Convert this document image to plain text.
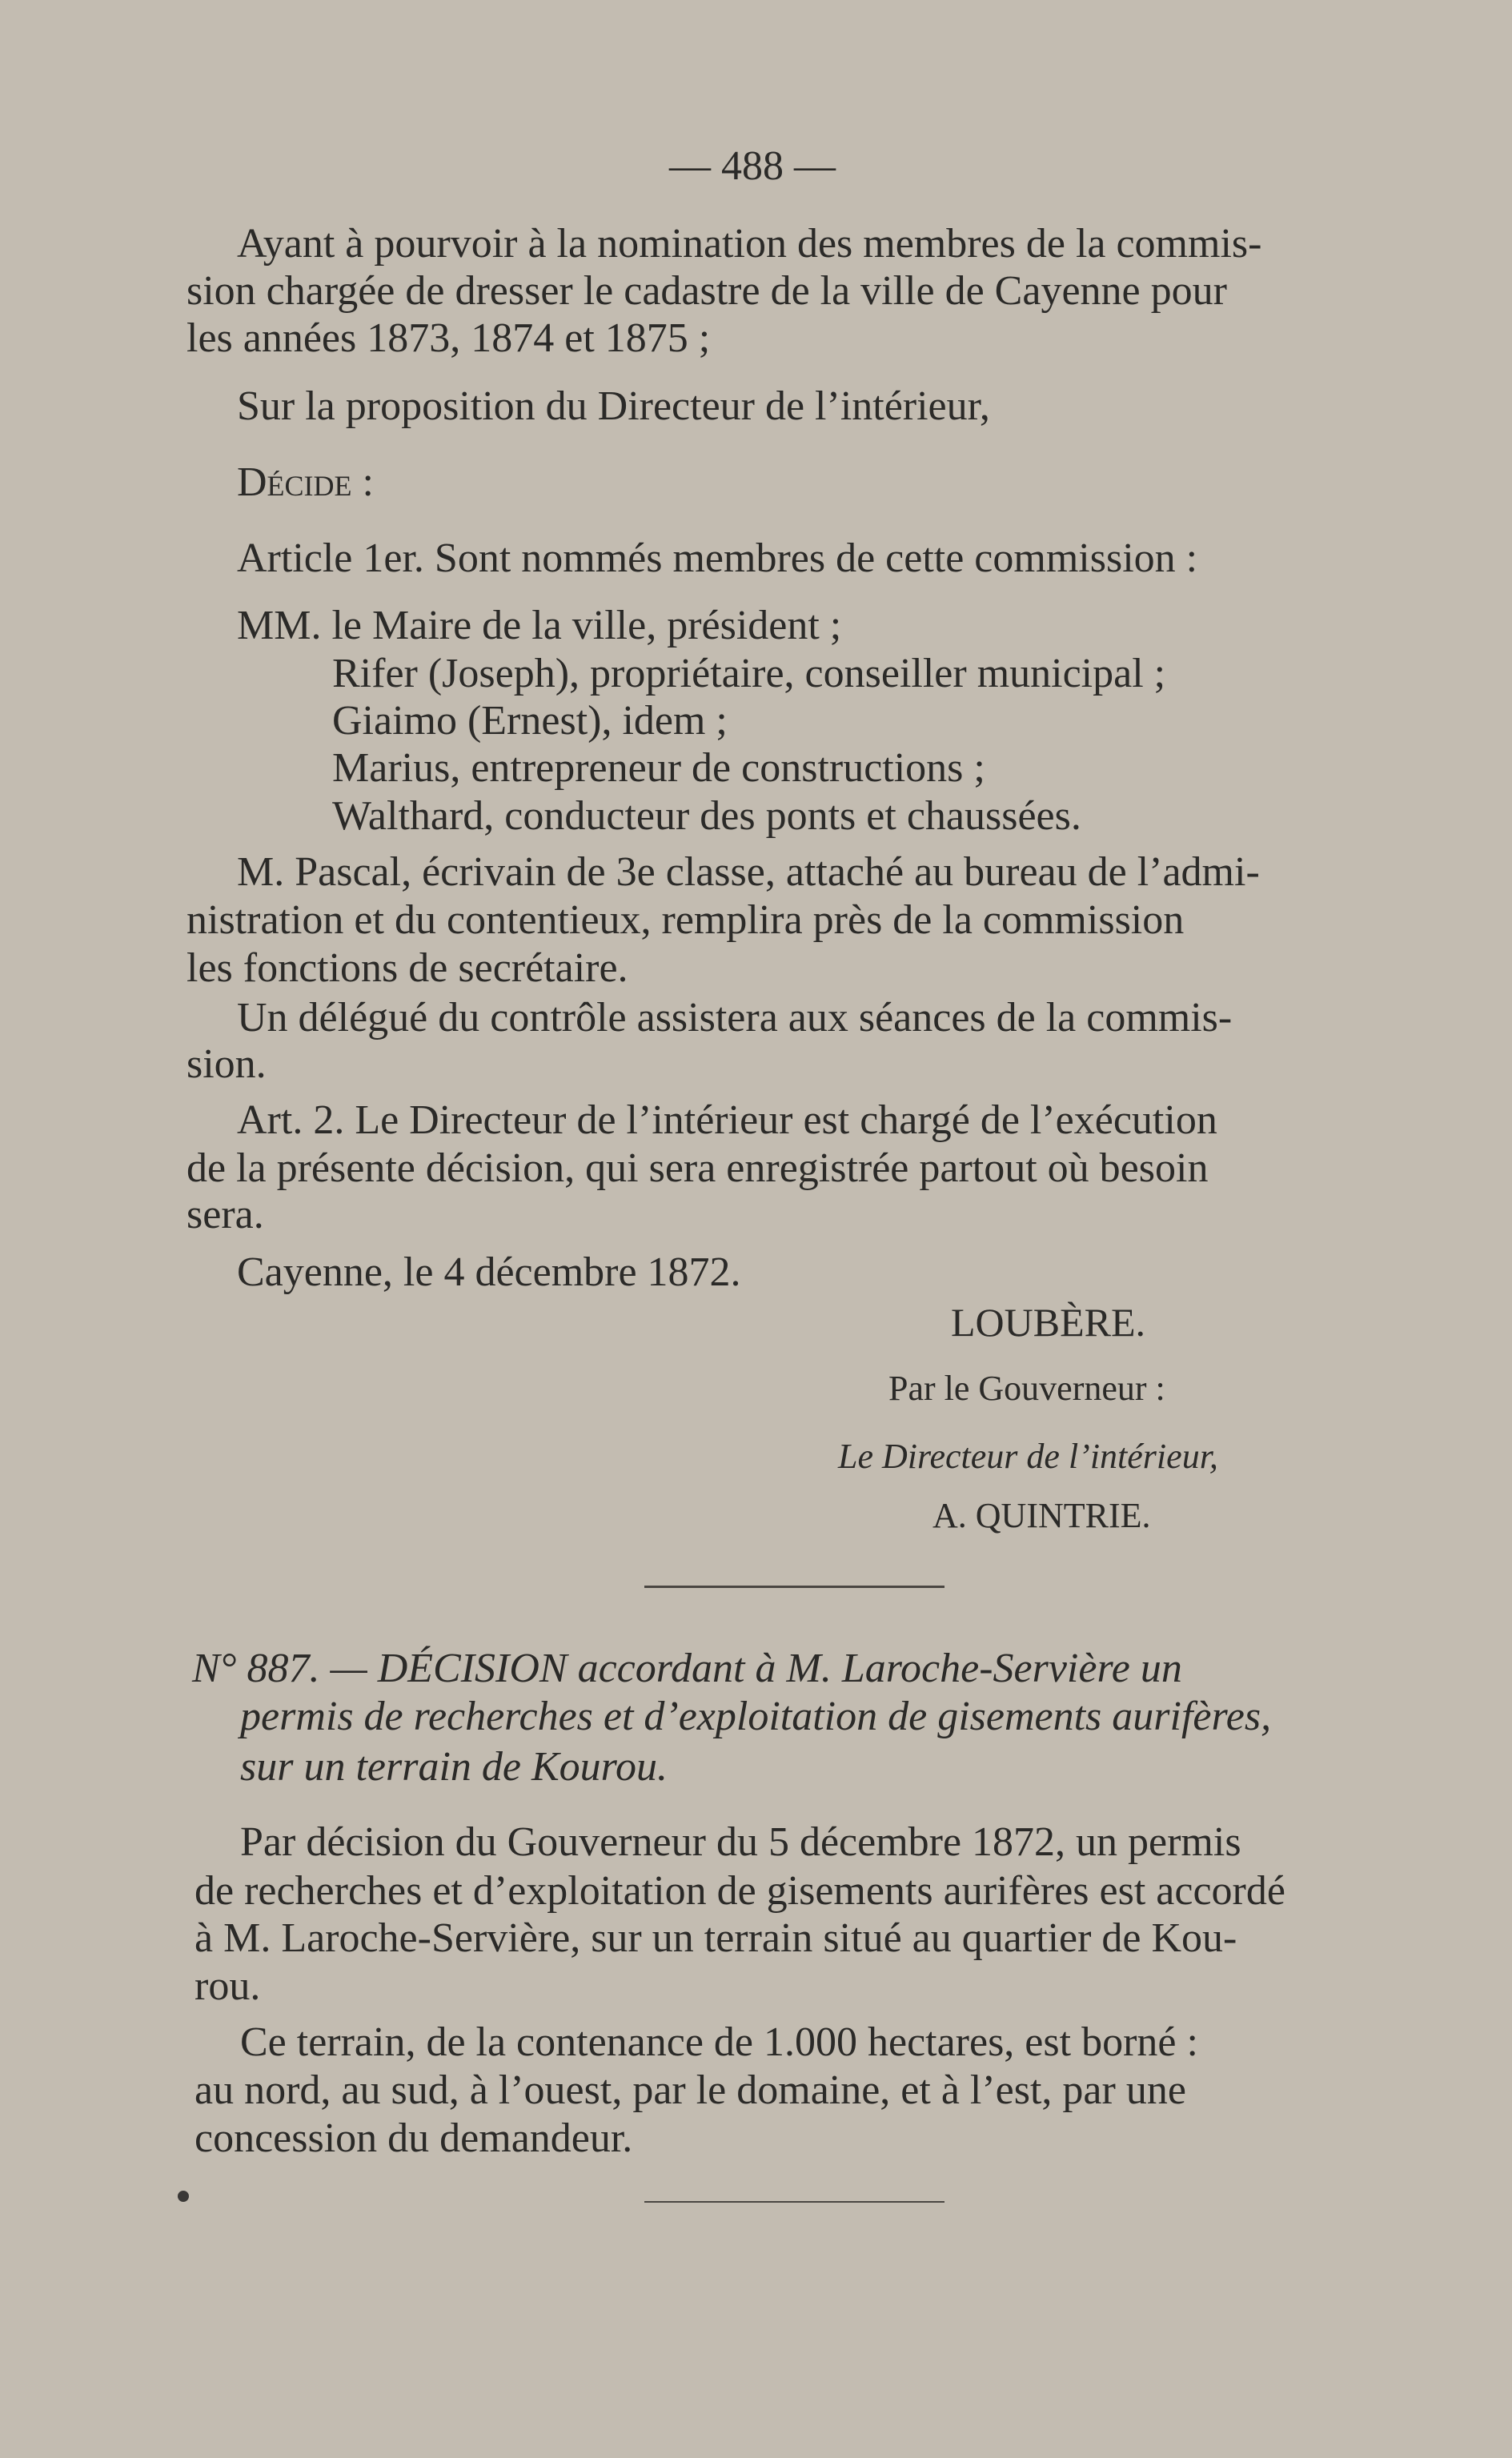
— 488 —
Ayant à pourvoir à la nomination des membres de la commis-
sion chargée de dresser le cadastre de la ville de Cayenne pour
les années 1873, 1874 et 1875 ;
Sur la proposition du Directeur de l’intérieur,
Décide :
Article 1er. Sont nommés membres de cette commission :
MM. le Maire de la ville, président ;
Rifer (Joseph), propriétaire, conseiller municipal ;
Giaimo (Ernest), idem ;
Marius, entrepreneur de constructions ;
Walthard, conducteur des ponts et chaussées.
M. Pascal, écrivain de 3e classe, attaché au bureau de l’admi-
nistration et du contentieux, remplira près de la commission
les fonctions de secrétaire.
Un délégué du contrôle assistera aux séances de la commis-
sion.
Art. 2. Le Directeur de l’intérieur est chargé de l’exécution
de la présente décision, qui sera enregistrée partout où besoin
sera.
Cayenne, le 4 décembre 1872.
LOUBÈRE.
Par le Gouverneur :
Le Directeur de l’intérieur,
A. QUINTRIE.
N° 887. — DÉCISION accordant à M. Laroche-Servière un
permis de recherches et d’exploitation de gisements aurifères,
sur un terrain de Kourou.
Par décision du Gouverneur du 5 décembre 1872, un permis
de recherches et d’exploitation de gisements aurifères est accordé
à M. Laroche-Servière, sur un terrain situé au quartier de Kou-
rou.
Ce terrain, de la contenance de 1.000 hectares, est borné :
au nord, au sud, à l’ouest, par le domaine, et à l’est, par une
concession du demandeur.
